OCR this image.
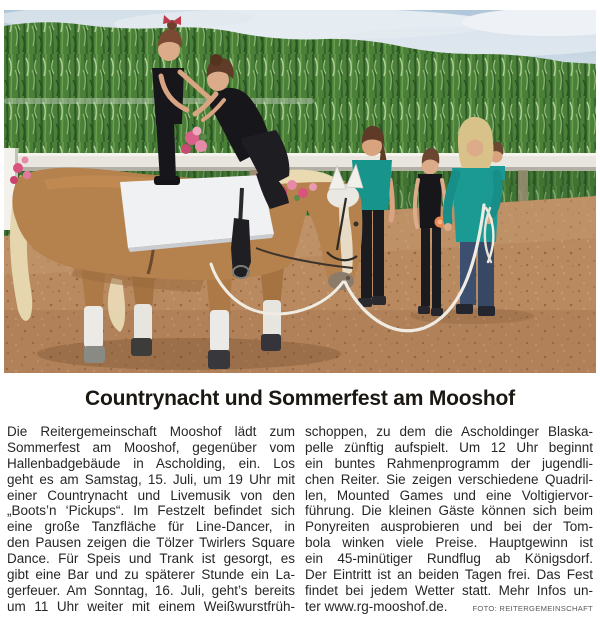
Countrynacht und Sommerfest am Mooshof
Die Reitergemeinschaft Mooshof lädt zum
Sommerfest am Mooshof, gegenüber vom
Hallenbadgebäude in Ascholding, ein. Los
geht es am Samstag, 15. Juli, um 19 Uhr mit
einer Countrynacht und Livemusik von den
„Boots’n ‘Pickups“. Im Festzelt befindet sich
eine große Tanzfläche für Line-Dancer, in
den Pausen zeigen die Tölzer Twirlers Square
Dance. Für Speis und Trank ist gesorgt, es
gibt eine Bar und zu späterer Stunde ein La-
gerfeuer. Am Sonntag, 16. Juli, geht’s bereits
um 11 Uhr weiter mit einem Weißwurstfrüh-
schoppen, zu dem die Ascholdinger Blaska-
pelle zünftig aufspielt. Um 12 Uhr beginnt
ein buntes Rahmenprogramm der jugendli-
chen Reiter. Sie zeigen verschiedene Quadril-
len, Mounted Games und eine Voltigiervor-
führung. Die kleinen Gäste können sich beim
Ponyreiten ausprobieren und bei der Tom-
bola winken viele Preise. Hauptgewinn ist
ein 45-minütiger Rundflug ab Königsdorf.
Der Eintritt ist an beiden Tagen frei. Das Fest
findet bei jedem Wetter statt. Mehr Infos un-
ter www.rg-mooshof.de.	FOTO: REITERGEMEINSCHAFT
